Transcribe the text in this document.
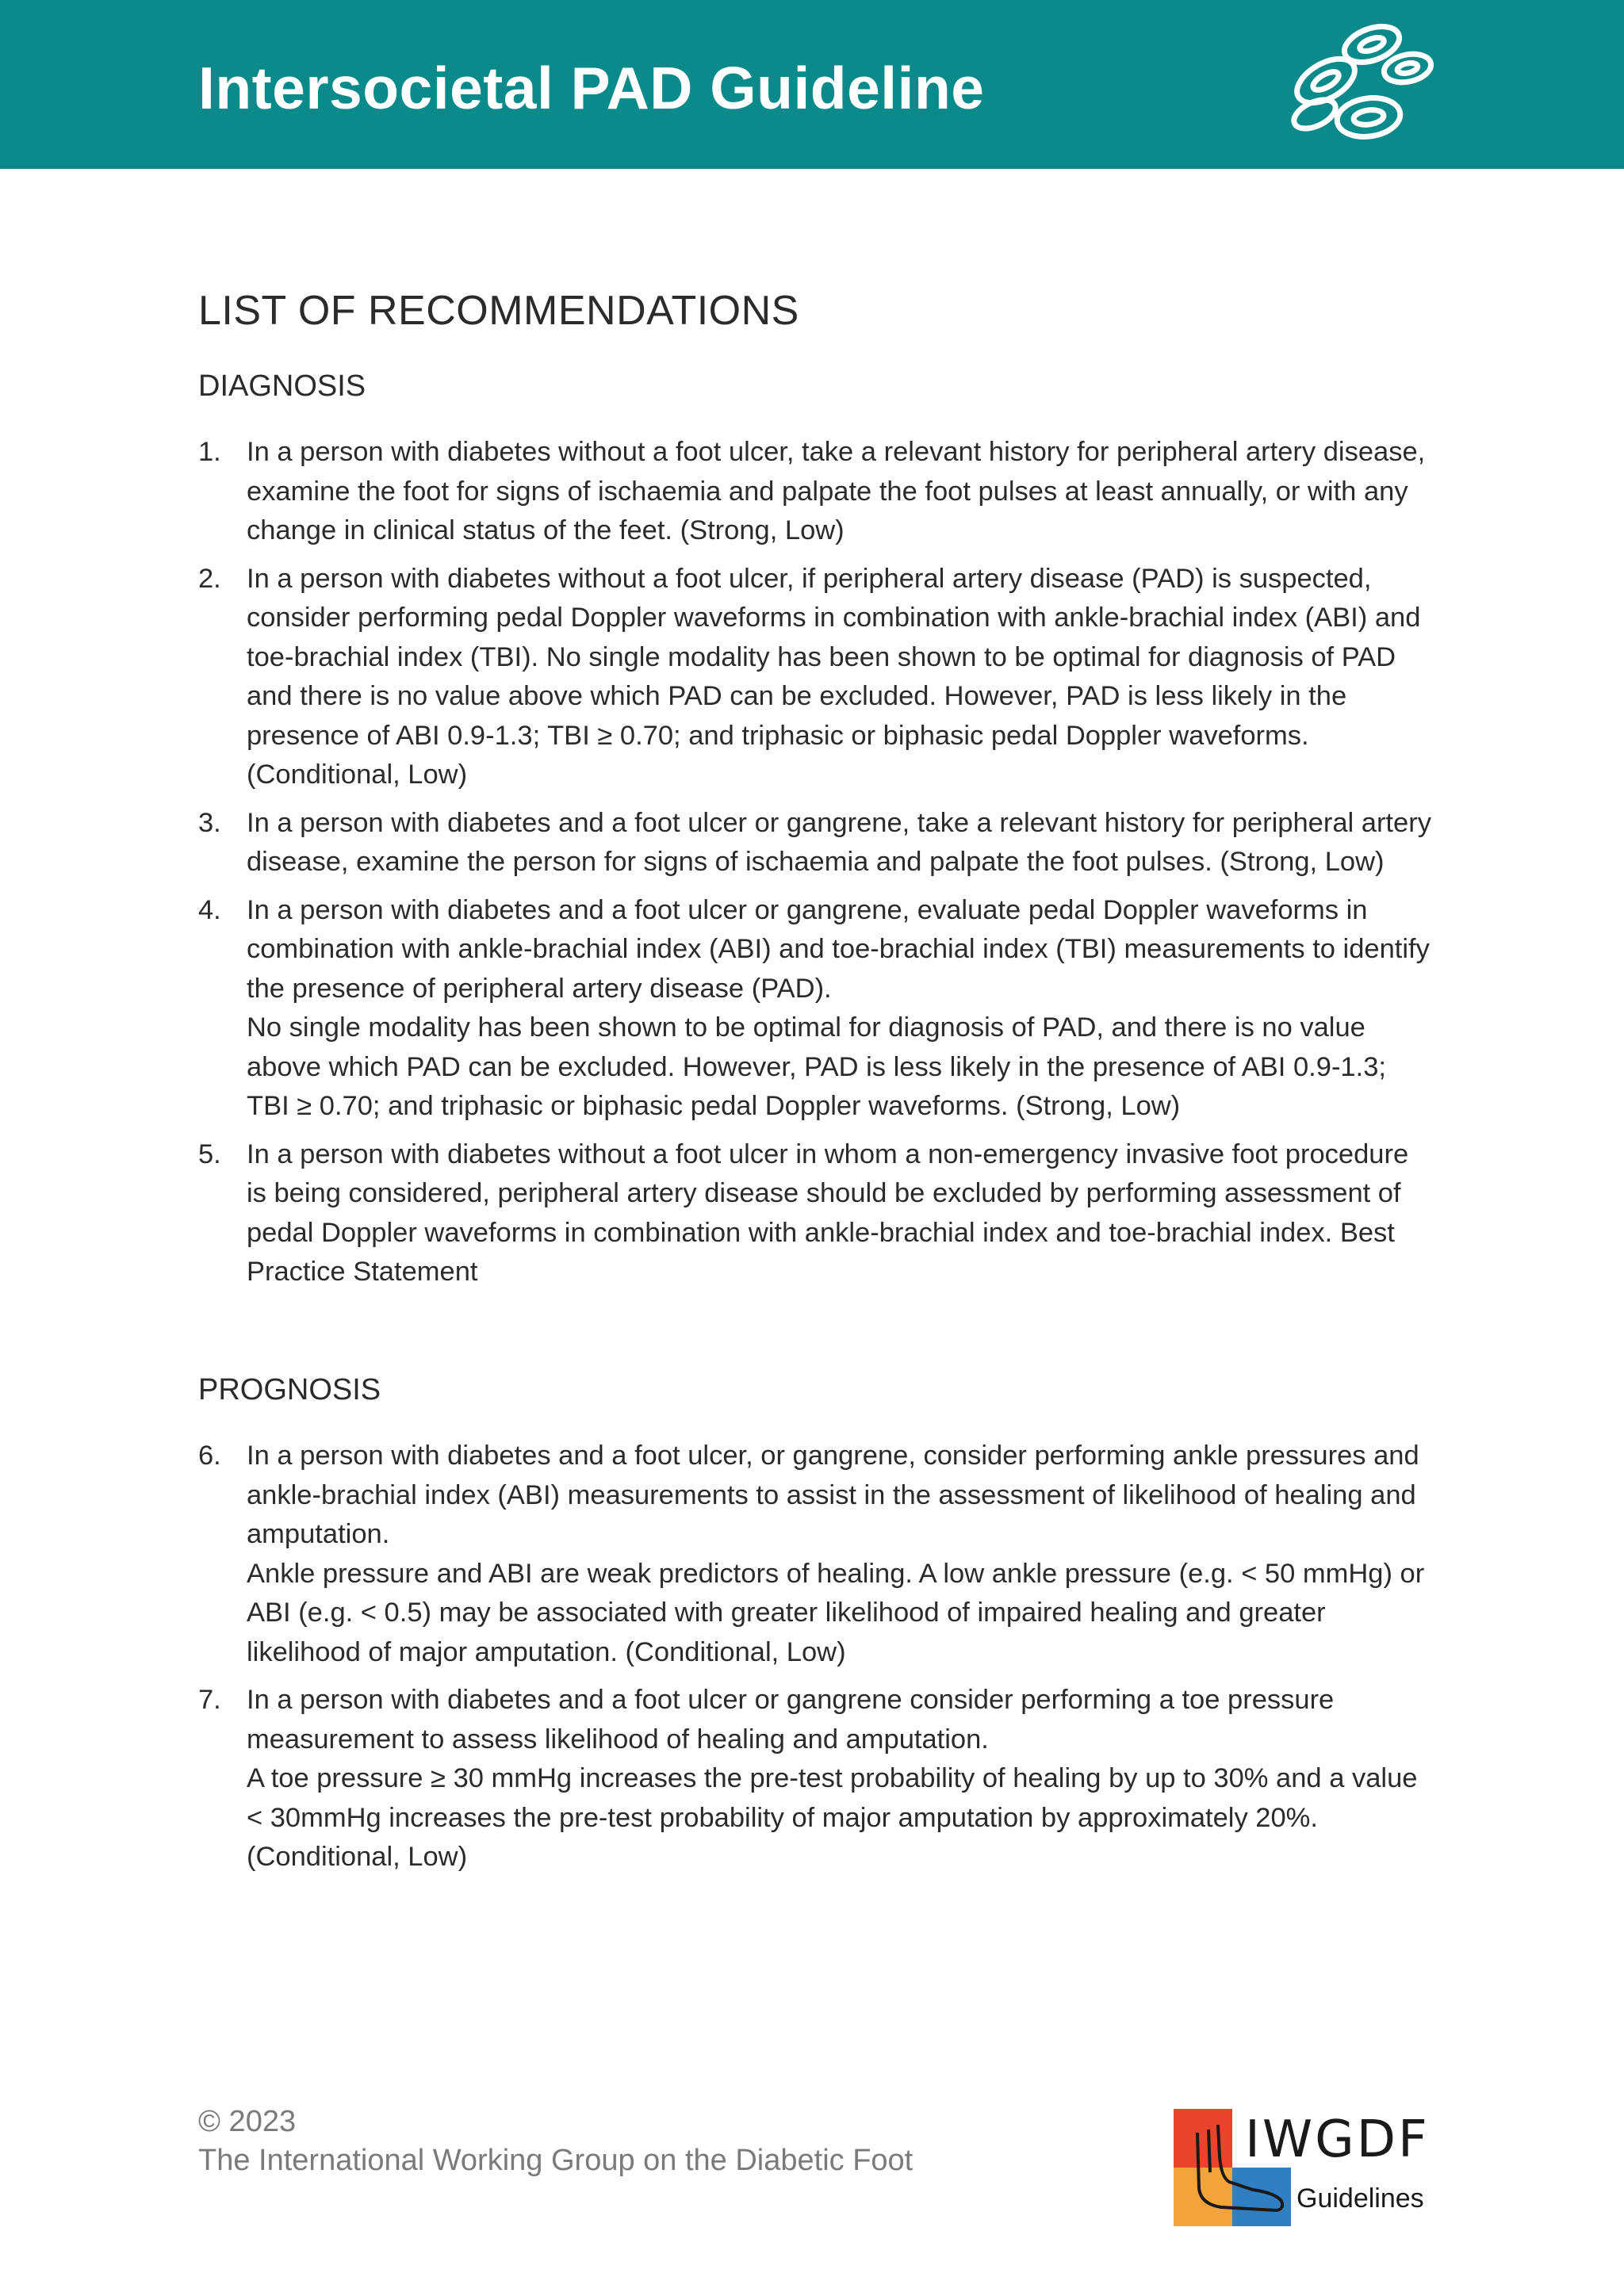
Intersocietal PAD Guideline
LIST OF RECOMMENDATIONS
DIAGNOSIS
1. In a person with diabetes without a foot ulcer, take a relevant history for peripheral artery disease, examine the foot for signs of ischaemia and palpate the foot pulses at least annually, or with any change in clinical status of the feet. (Strong, Low)
2. In a person with diabetes without a foot ulcer, if peripheral artery disease (PAD) is suspected, consider performing pedal Doppler waveforms in combination with ankle-brachial index (ABI) and toe-brachial index (TBI). No single modality has been shown to be optimal for diagnosis of PAD and there is no value above which PAD can be excluded. However, PAD is less likely in the presence of ABI 0.9-1.3; TBI ≥ 0.70; and triphasic or biphasic pedal Doppler waveforms. (Conditional, Low)
3. In a person with diabetes and a foot ulcer or gangrene, take a relevant history for peripheral artery disease, examine the person for signs of ischaemia and palpate the foot pulses. (Strong, Low)
4. In a person with diabetes and a foot ulcer or gangrene, evaluate pedal Doppler waveforms in combination with ankle-brachial index (ABI) and toe-brachial index (TBI) measurements to identify the presence of peripheral artery disease (PAD).
No single modality has been shown to be optimal for diagnosis of PAD, and there is no value above which PAD can be excluded. However, PAD is less likely in the presence of ABI 0.9-1.3; TBI ≥ 0.70; and triphasic or biphasic pedal Doppler waveforms. (Strong, Low)
5. In a person with diabetes without a foot ulcer in whom a non-emergency invasive foot procedure is being considered, peripheral artery disease should be excluded by performing assessment of pedal Doppler waveforms in combination with ankle-brachial index and toe-brachial index. Best Practice Statement
PROGNOSIS
6. In a person with diabetes and a foot ulcer, or gangrene, consider performing ankle pressures and ankle-brachial index (ABI) measurements to assist in the assessment of likelihood of healing and amputation.
Ankle pressure and ABI are weak predictors of healing. A low ankle pressure (e.g. < 50 mmHg) or ABI (e.g. < 0.5) may be associated with greater likelihood of impaired healing and greater likelihood of major amputation. (Conditional, Low)
7. In a person with diabetes and a foot ulcer or gangrene consider performing a toe pressure measurement to assess likelihood of healing and amputation.
A toe pressure ≥ 30 mmHg increases the pre-test probability of healing by up to 30% and a value < 30mmHg increases the pre-test probability of major amputation by approximately 20%. (Conditional, Low)
© 2023
The International Working Group on the Diabetic Foot	IWGDF
Guidelines
